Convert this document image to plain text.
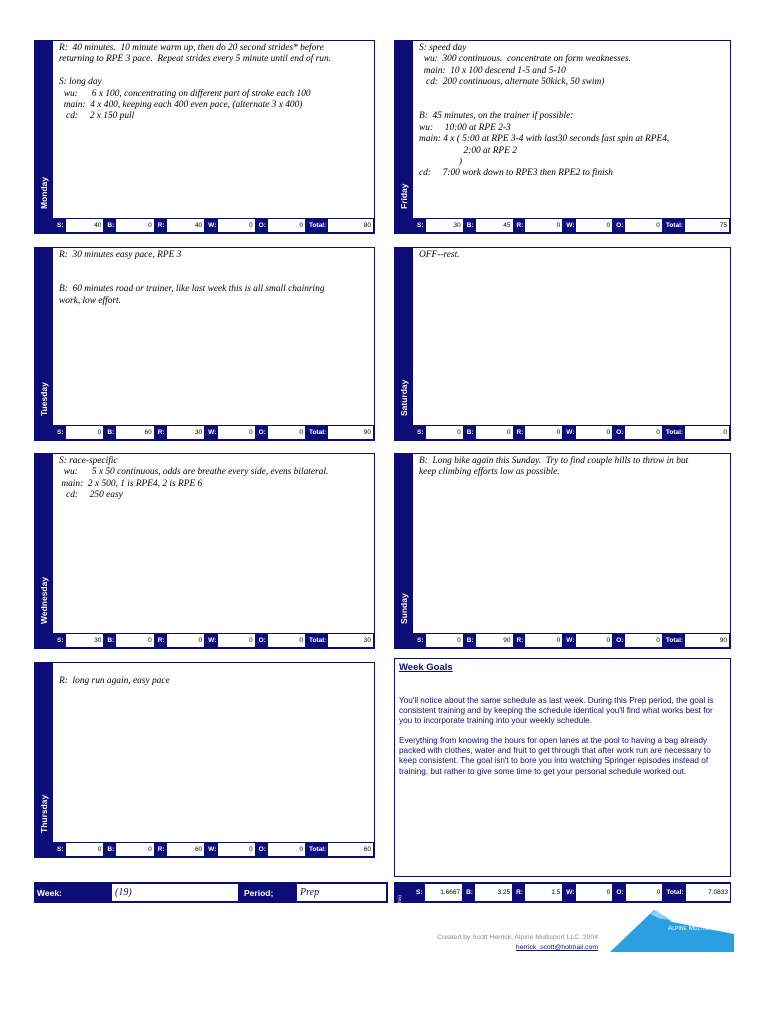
Monday
R:  40 minutes.  10 minute warm up, then do 20 second strides* before
returning to RPE 3 pace.  Repeat strides every 5 minute until end of run.

S: long day
wu:      6 x 100, concentrating on different part of stroke each 100
main:  4 x 400, keeping each 400 even pace, (alternate 3 x 400)
cd:     2 x 150 pull
S:	40 B:	0 R:	40 W:	0 O:	0 Total:	80
Tuesday
R:  30 minutes easy pace, RPE 3

B:  60 minutes road or trainer, like last week this is all small chainring
work, low effort.
S:	0 B:	60 R:	30 W:	0 O:	0 Total:	90
Wednesday
S: race-specific
wu:      5 x 50 continuous, odds are breathe every side, evens bilateral.
main:  2 x 500, 1 is RPE4, 2 is RPE 6
cd:     250 easy
S:	30 B:	0 R:	0 W:	0 O:	0 Total:	30
Thursday

R:  long run again, easy pace
S:	0 B:	0 R:	60 W:	0 O:	0 Total:	60
Friday
S: speed day
wu:  300 continuous.  concentrate on form weaknesses.
main:  10 x 100 descend 1-5 and 5-10
cd:  200 continuous, alternate 50kick, 50 swim)

B:  45 minutes, on the trainer if possible:
wu:     10:00 at RPE 2-3
main: 4 x ( 5:00 at RPE 3-4 with last30 seconds fast spin at RPE4,
2:00 at RPE 2
)
cd:     7:00 work down to RPE3 then RPE2 to finish
S:	30 B:	45 R:	0 W:	0 O:	0 Total:	75
Saturday
OFF--rest.
S:	0 B:	0 R:	0 W:	0 O:	0 Total:	0
Sunday
B:  Long bike again this Sunday.  Try to find couple hills to throw in but
keep climbing efforts low as possible.
S:	0 B:	90 R:	0 W:	0 O:	0 Total:	90
Week Goals

You'll notice about the same schedule as last week. During this Prep period, the goal is consistent training and by keeping the schedule identical you'll find what works best for you to incorporate training into your weekly schedule.

Everything from knowing the hours for open lanes at the pool to having a bag already packed with clothes, water and fruit to get through that after work run are necessary to keep consistent. The goal isn't to bore you into watching Springer episodes instead of training, but rather to give some time to get your personal schedule worked out.

Week:	(19)	Period;	Prep
(hrs)
S:	1.6667 B:	3.25 R:	1.5 W:	0 O:	0 Total:	7.0833
Created by Scott Herrick, Alpine Multisport LLC. 2004
herrick_scott@hotmail.com
Alpine Multisport
